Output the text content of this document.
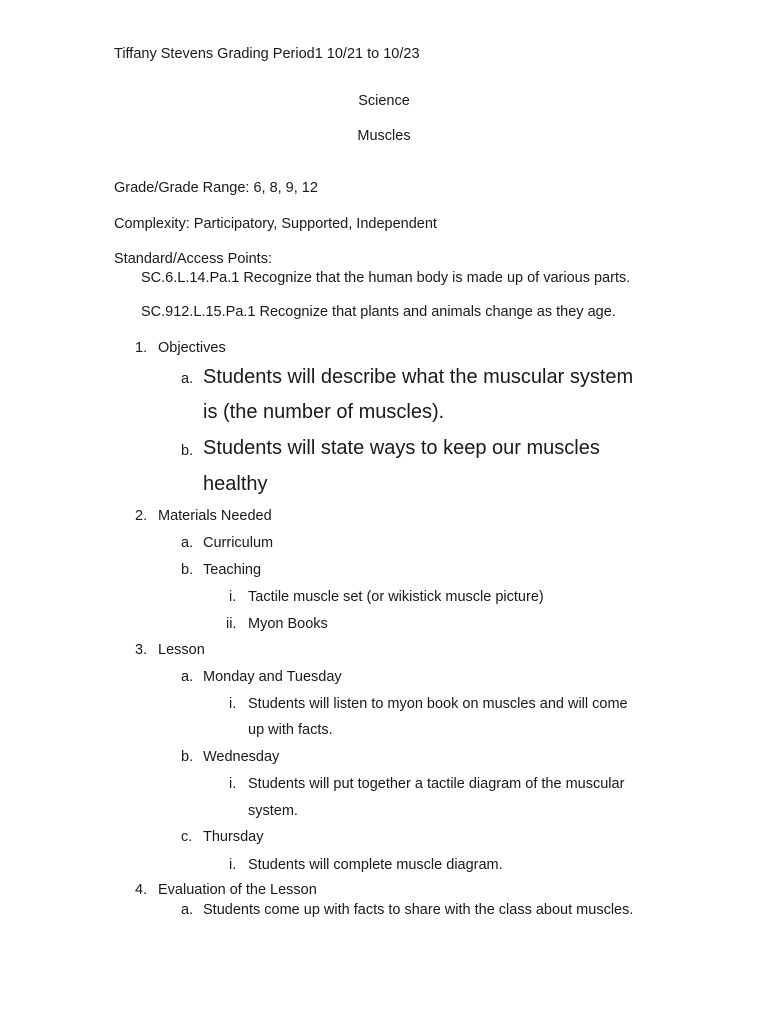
Tiffany Stevens Grading Period1 10/21 to 10/23
Science
Muscles
Grade/Grade Range: 6, 8, 9, 12
Complexity: Participatory, Supported, Independent
Standard/Access Points:
SC.6.L.14.Pa.1 Recognize that the human body is made up of various parts.
SC.912.L.15.Pa.1 Recognize that plants and animals change as they age.
1. Objectives
a. Students will describe what the muscular system
is (the number of muscles).
b. Students will state ways to keep our muscles
healthy
2. Materials Needed
a. Curriculum
b. Teaching
i. Tactile muscle set (or wikistick muscle picture)
ii. Myon Books
3. Lesson
a. Monday and Tuesday
i. Students will listen to myon book on muscles and will come
up with facts.
b. Wednesday
i. Students will put together a tactile diagram of the muscular
system.
c. Thursday
i. Students will complete muscle diagram.
4. Evaluation of the Lesson
a. Students come up with facts to share with the class about muscles.
